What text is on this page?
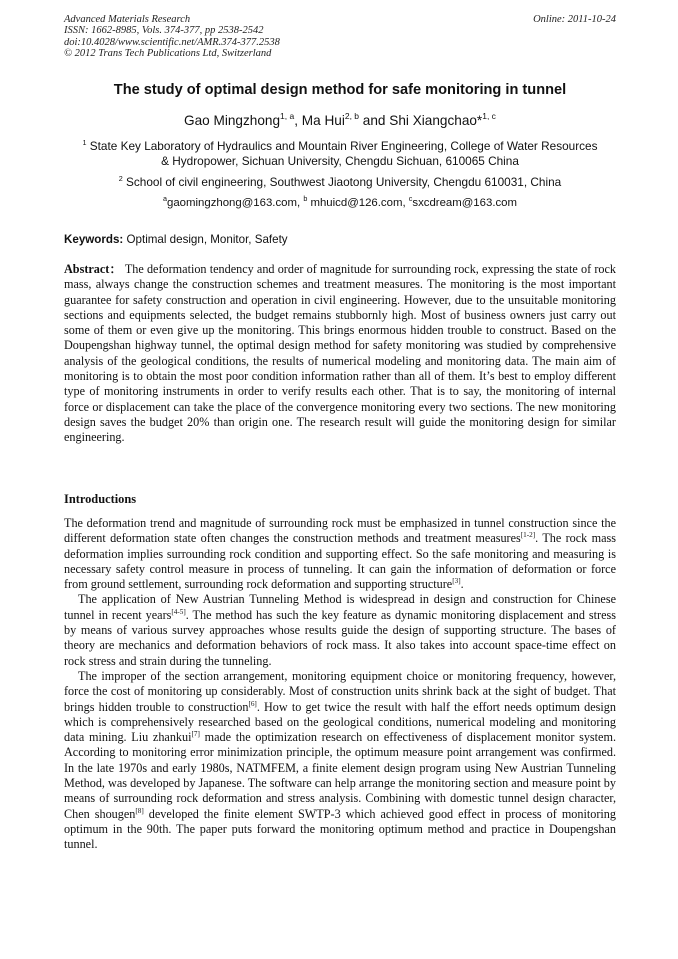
Advanced Materials Research
ISSN: 1662-8985, Vols. 374-377, pp 2538-2542
doi:10.4028/www.scientific.net/AMR.374-377.2538
© 2012 Trans Tech Publications Ltd, Switzerland
Online: 2011-10-24
The study of optimal design method for safe monitoring in tunnel
Gao Mingzhong$^{1, a}$, Ma Hui$^{2, b}$ and Shi Xiangchao*$^{1, c}$
$^1$ State Key Laboratory of Hydraulics and Mountain River Engineering, College of Water Resources
& Hydropower, Sichuan University, Chengdu Sichuan, 610065 China
$^2$ School of civil engineering, Southwest Jiaotong University, Chengdu 610031, China
$^a$gaomingzhong@163.com, $^b$ mhuicd@126.com, $^c$sxcdream@163.com
Keywords: Optimal design, Monitor, Safety
Abstract： The deformation tendency and order of magnitude for surrounding rock, expressing the state of rock mass, always change the construction schemes and treatment measures. The monitoring is the most important guarantee for safety construction and operation in civil engineering. However, due to the unsuitable monitoring sections and equipments selected, the budget remains stubbornly high. Most of business owners just carry out some of them or even give up the monitoring. This brings enormous hidden trouble to construct. Based on the Doupengshan highway tunnel, the optimal design method for safety monitoring was studied by comprehensive analysis of the geological conditions, the results of numerical modeling and monitoring data. The main aim of monitoring is to obtain the most poor condition information rather than all of them. It’s best to employ different type of monitoring instruments in order to verify results each other. That is to say, the monitoring of internal force or displacement can take the place of the convergence monitoring every two sections. The new monitoring design saves the budget 20% than origin one. The research result will guide the monitoring design for similar engineering.
Introductions

The deformation trend and magnitude of surrounding rock must be emphasized in tunnel construction since the different deformation state often changes the construction methods and treatment measures[1-2]. The rock mass deformation implies surrounding rock condition and supporting effect. So the safe monitoring and measuring is necessary safety control measure in process of tunneling. It can gain the information of deformation or force from ground settlement, surrounding rock deformation and supporting structure[3].

The application of New Austrian Tunneling Method is widespread in design and construction for Chinese tunnel in recent years[4-5]. The method has such the key feature as dynamic monitoring displacement and stress by means of various survey approaches whose results guide the design of supporting structure. The bases of theory are mechanics and deformation behaviors of rock mass. It also takes into account space-time effect on rock stress and strain during the tunneling.

The improper of the section arrangement, monitoring equipment choice or monitoring frequency, however, force the cost of monitoring up considerably. Most of construction units shrink back at the sight of budget. That brings hidden trouble to construction[6]. How to get twice the result with half the effort needs optimum design which is comprehensively researched based on the geological conditions, numerical modeling and monitoring data mining. Liu zhankui[7] made the optimization research on effectiveness of displacement monitor system. According to monitoring error minimization principle, the optimum measure point arrangement was confirmed. In the late 1970s and early 1980s, NATMFEM, a finite element design program using New Austrian Tunneling Method, was developed by Japanese. The software can help arrange the monitoring section and measure point by means of surrounding rock deformation and stress analysis. Combining with domestic tunnel design character, Chen shougen[8] developed the finite element SWTP-3 which achieved good effect in process of monitoring optimum in the 90th. The paper puts forward the monitoring optimum method and practice in Doupengshan tunnel.
